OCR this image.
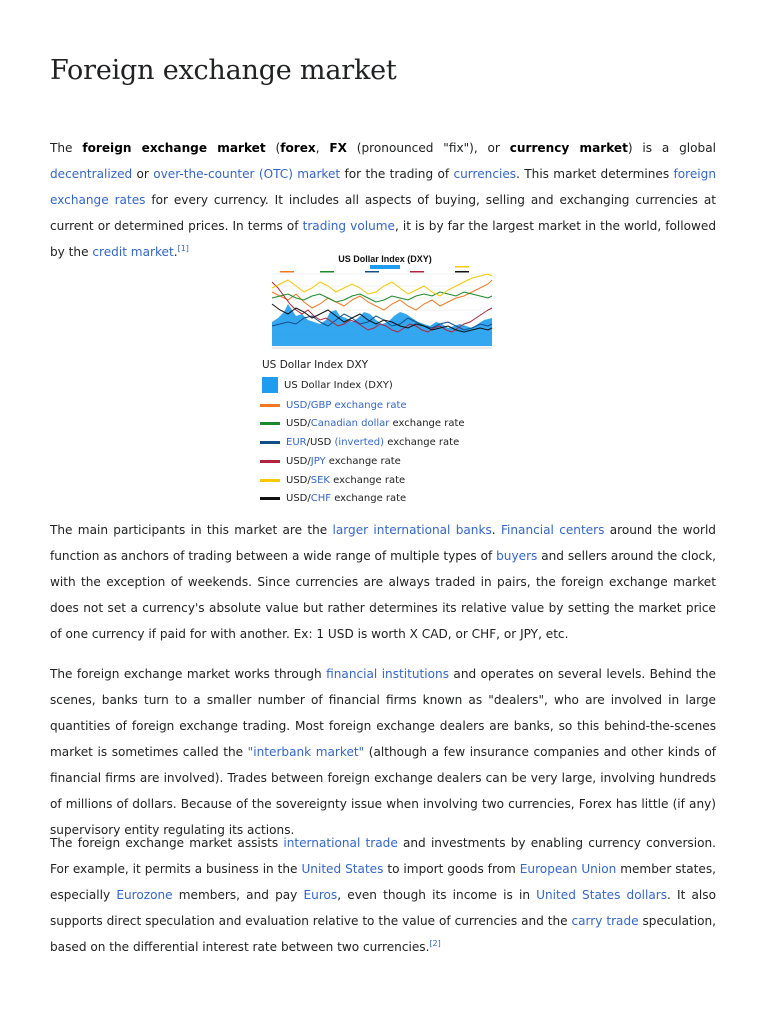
Foreign exchange market

The foreign exchange market (forex, FX (pronounced "fix"), or currency market) is a global decentralized or over-the-counter (OTC) market for the trading of currencies. This market determines foreign exchange rates for every currency. It includes all aspects of buying, selling and exchanging currencies at current or determined prices. In terms of trading volume, it is by far the largest market in the world, followed by the credit market.[1]

US Dollar Index (DXY)
US Dollar Index DXY
US Dollar Index (DXY)
USD/GBP exchange rate
USD/ Canadian dollar exchange rate
EUR /USD (inverted) exchange rate
USD/ JPY exchange rate
USD/ SEK exchange rate
USD/ CHF exchange rate

The main participants in this market are the larger international banks. Financial centers around the world function as anchors of trading between a wide range of multiple types of buyers and sellers around the clock, with the exception of weekends. Since currencies are always traded in pairs, the foreign exchange market does not set a currency's absolute value but rather determines its relative value by setting the market price of one currency if paid for with another. Ex: 1 USD is worth X CAD, or CHF, or JPY, etc.

The foreign exchange market works through financial institutions and operates on several levels. Behind the scenes, banks turn to a smaller number of financial firms known as "dealers", who are involved in large quantities of foreign exchange trading. Most foreign exchange dealers are banks, so this behind-the-scenes market is sometimes called the "interbank market" (although a few insurance companies and other kinds of financial firms are involved). Trades between foreign exchange dealers can be very large, involving hundreds of millions of dollars. Because of the sovereignty issue when involving two currencies, Forex has little (if any) supervisory entity regulating its actions.

The foreign exchange market assists international trade and investments by enabling currency conversion. For example, it permits a business in the United States to import goods from European Union member states, especially Eurozone members, and pay Euros, even though its income is in United States dollars. It also supports direct speculation and evaluation relative to the value of currencies and the carry trade speculation, based on the differential interest rate between two currencies.[2]
